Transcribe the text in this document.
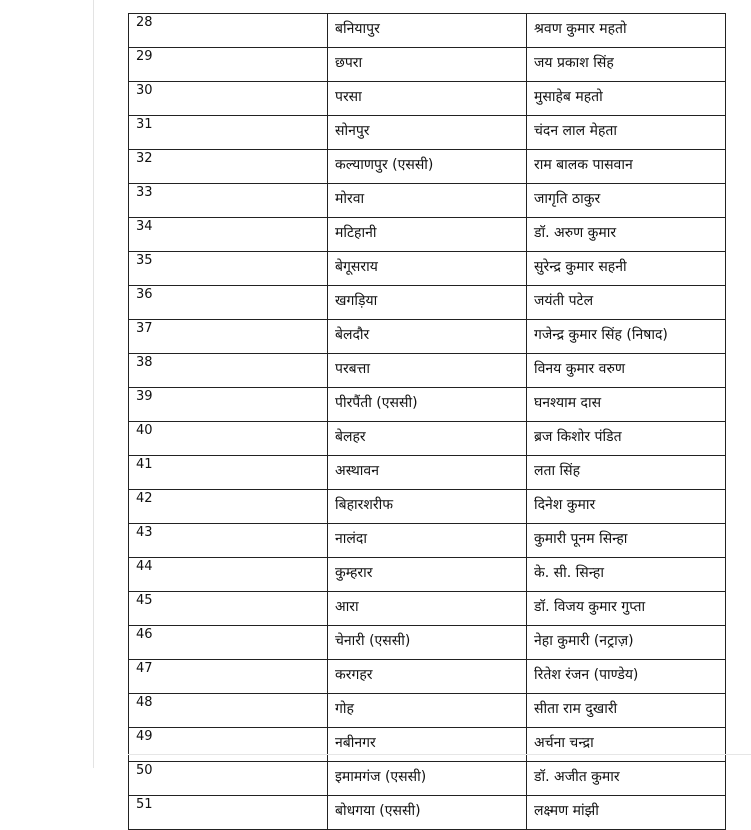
28	बनियापुर	श्रवण कुमार महतो
29	छपरा	जय प्रकाश सिंह
30	परसा	मुसाहेब महतो
31	सोनपुर	चंदन लाल मेहता
32	कल्याणपुर (एससी)	राम बालक पासवान
33	मोरवा	जागृति ठाकुर
34	मटिहानी	डॉ. अरुण कुमार
35	बेगूसराय	सुरेन्द्र कुमार सहनी
36	खगड़िया	जयंती पटेल
37	बेलदौर	गजेन्द्र कुमार सिंह (निषाद)
38	परबत्ता	विनय कुमार वरुण
39	पीरपैंती (एससी)	घनश्याम दास
40	बेलहर	ब्रज किशोर पंडित
41	अस्थावन	लता सिंह
42	बिहारशरीफ	दिनेश कुमार
43	नालंदा	कुमारी पूनम सिन्हा
44	कुम्हरार	के. सी. सिन्हा
45	आरा	डॉ. विजय कुमार गुप्ता
46	चेनारी (एससी)	नेहा कुमारी (नट्राज़)
47	करगहर	रितेश रंजन (पाण्डेय)
48	गोह	सीता राम दुखारी
49	नबीनगर	अर्चना चन्द्रा
50	इमामगंज (एससी)	डॉ. अजीत कुमार
51	बोधगया (एससी)	लक्ष्मण मांझी
